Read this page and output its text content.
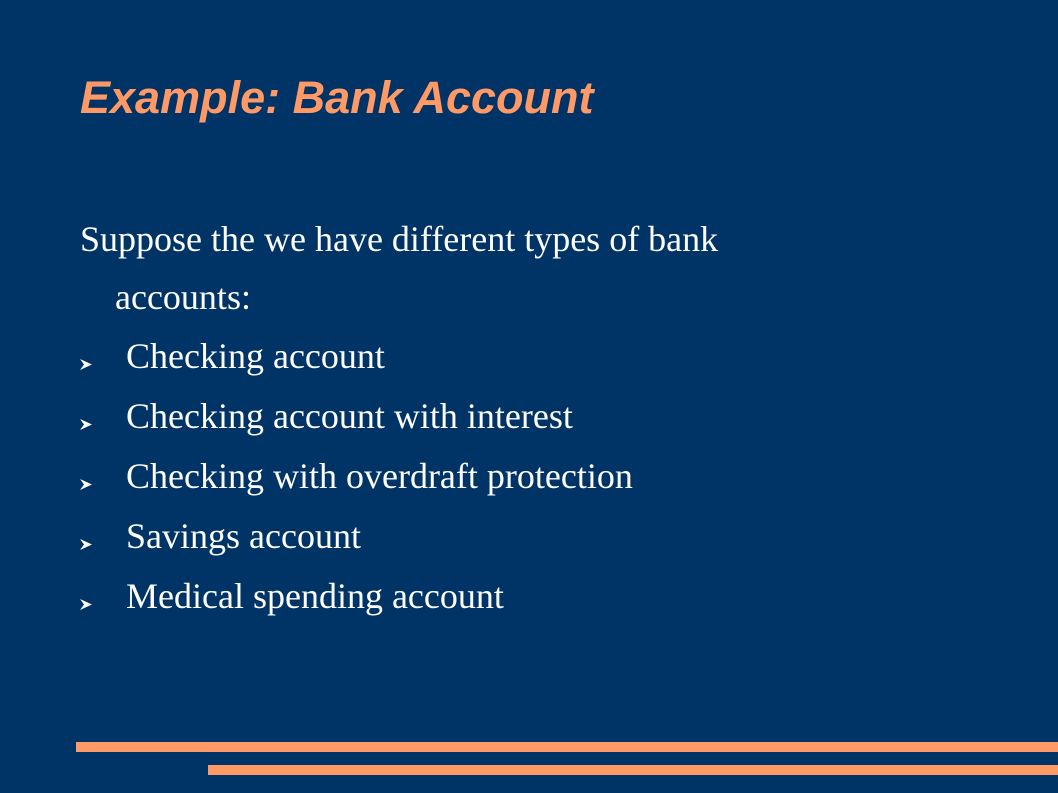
Example: Bank Account

Suppose the we have different types of bank
accounts:

Checking account
Checking account with interest
Checking with overdraft protection
Savings account
Medical spending account
